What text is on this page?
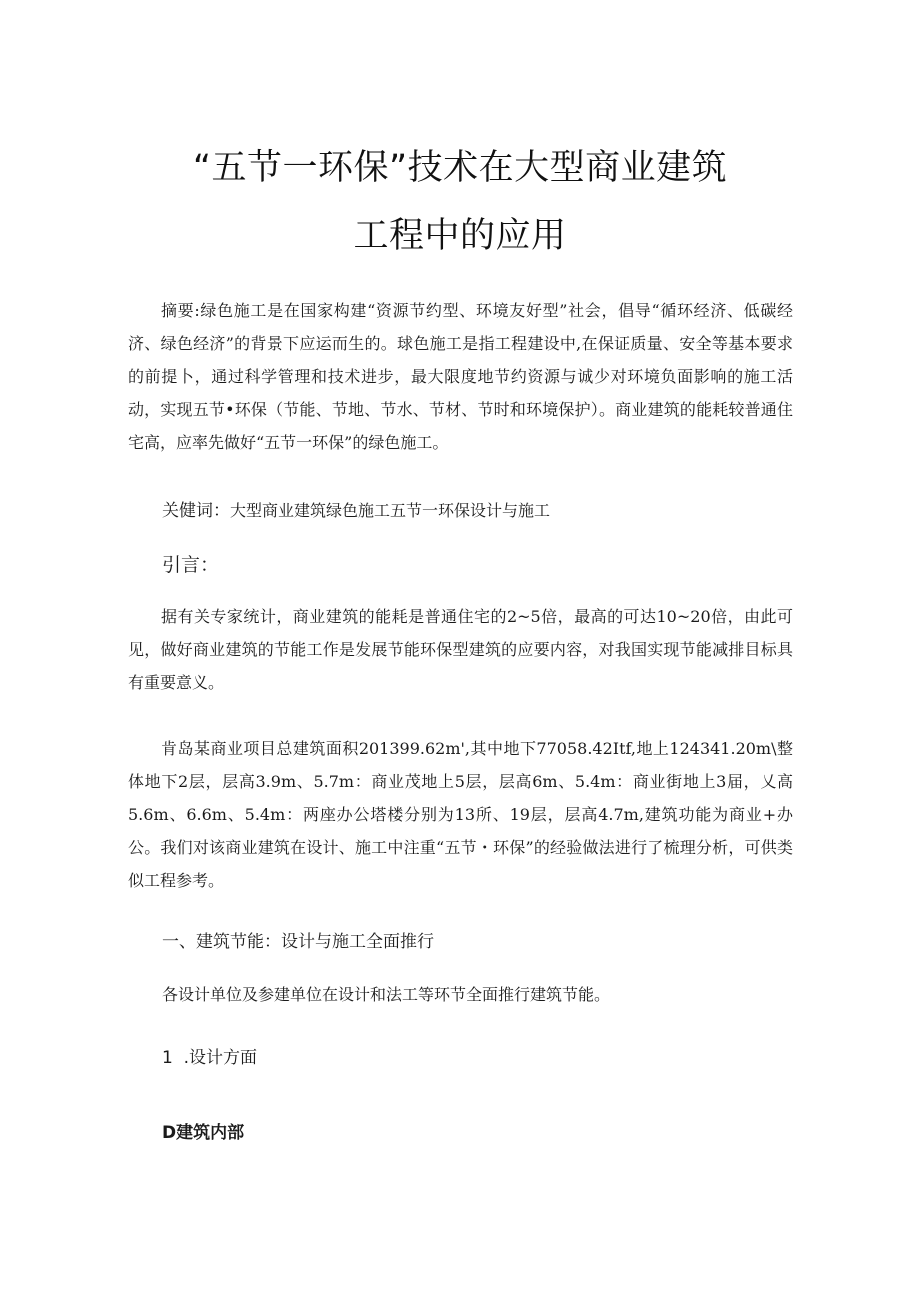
“五节一环保”技术在大型商业建筑
工程中的应用

摘要:绿色施工是在国家构建“资源节约型、环境友好型”社会，倡导“循环经济、低碳经济、绿色经济”的背景下应运而生的。球色施工是指工程建设中,在保证质量、安全等基本要求的前提卜，通过科学管理和技术进步，最大限度地节约资源与诚少对环境负面影响的施工活动，实现五节•环保（节能、节地、节水、节材、节时和环境保护）。商业建筑的能耗较普通住宅高，应率先做好“五节一环保”的绿色施工。

关健词：大型商业建筑绿色施工五节一环保设计与施工

引言：

据有关专家统计，商业建筑的能耗是普通住宅的2~5倍，最高的可达10~20倍，由此可见，做好商业建筑的节能工作是发展节能环保型建筑的应要内容，对我国实现节能减排目标具有重要意义。

肯岛某商业项目总建筑面积201399.62m',其中地下77058.42Itf,地上124341.20m\整体地下2层，层高3.9m、5.7m：商业茂地上5层，层高6m、5.4m：商业街地上3届，乂高5.6m、6.6m、5.4m：两座办公塔楼分别为13所、19层，层高4.7m,建筑功能为商业+办公。我们对该商业建筑在设计、施工中注重“五节・环保”的经验做法进行了梳理分析，可供类似工程参考。

一、建筑节能：设计与施工全面推行

各设计单位及参建单位在设计和法工等环节全面推行建筑节能。

1  .设计方面

D建筑内部
